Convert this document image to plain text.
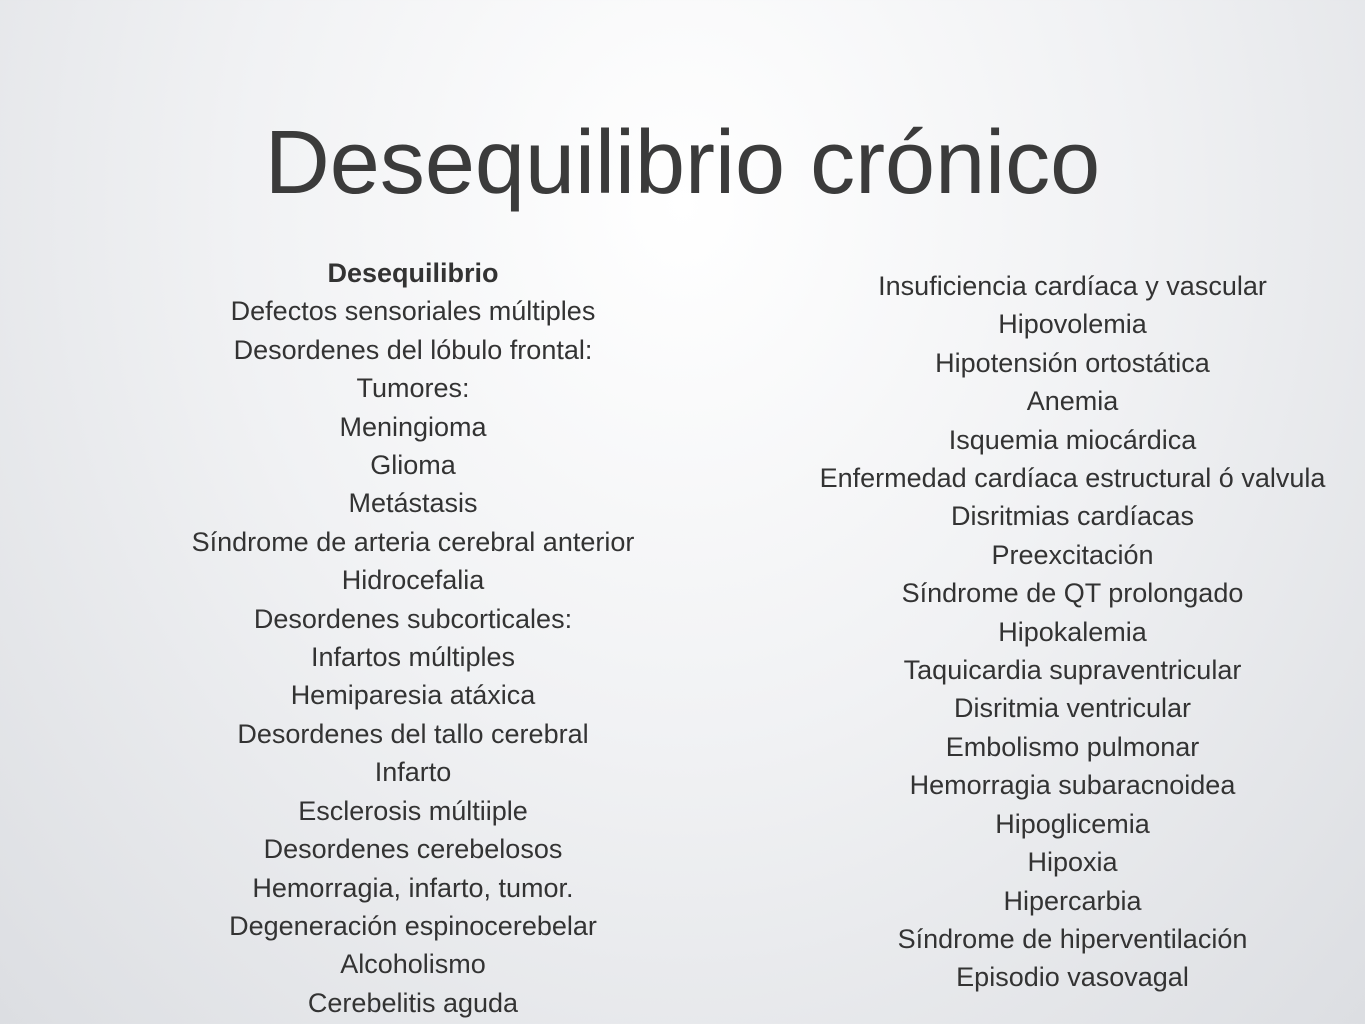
Desequilibrio crónico
Desequilibrio
Defectos sensoriales múltiples
Desordenes del lóbulo frontal:
Tumores:
Meningioma
Glioma
Metástasis
Síndrome de arteria cerebral anterior
Hidrocefalia
Desordenes subcorticales:
Infartos múltiples
Hemiparesia atáxica
Desordenes del tallo cerebral
Infarto
Esclerosis múltiiple
Desordenes cerebelosos
Hemorragia, infarto, tumor.
Degeneración espinocerebelar
Alcoholismo
Cerebelitis aguda
Insuficiencia cardíaca y vascular
Hipovolemia
Hipotensión ortostática
Anemia
Isquemia miocárdica
Enfermedad cardíaca estructural ó valvula
Disritmias cardíacas
Preexcitación
Síndrome de QT prolongado
Hipokalemia
Taquicardia supraventricular
Disritmia ventricular
Embolismo pulmonar
Hemorragia subaracnoidea
Hipoglicemia
Hipoxia
Hipercarbia
Síndrome de hiperventilación
Episodio vasovagal
